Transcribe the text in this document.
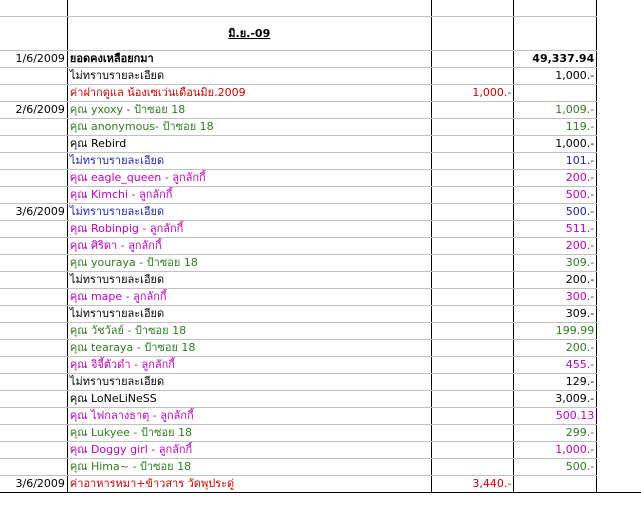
	มิ.ย.-09			
1/6/2009	ยอดคงเหลือยกมา		49,337.94	
	ไม่ทราบรายละเอียด		1,000.-	
	ค่าฝากดูแล น้องเซเว่นเดือนมิย.2009	1,000.-		
2/6/2009	คุณ yxoxy - ป้าซอย 18		1,009.-	
	คุณ anonymous- ป้าซอย 18		119.-	
	คุณ Rebird		1,000.-	
	ไม่ทราบรายละเอียด		101.-	
	คุณ eagle_queen - ลูกลักกี้		200.-	
	คุณ Kimchi - ลูกลักกี้		500.-	
3/6/2009	ไม่ทราบรายละเอียด		500.-	
	คุณ Robinpig - ลูกลักกี้		511.-	
	คุณ ศิริดา - ลูกลักกี้		200.-	
	คุณ youraya - ป้าซอย 18		309.-	
	ไม่ทราบรายละเอียด		200.-	
	คุณ mape - ลูกลักกี้		300.-	
	ไม่ทราบรายละเอียด		309.-	
	คุณ วัชวัลย์ - ป้าซอย 18		199.99	
	คุณ tearaya - ป้าซอย 18		200.-	
	คุณ จิจี้ตัวดำ - ลูกลักกี้		455.-	
	ไม่ทราบรายละเอียด		129.-	
	คุณ LoNeLiNeSS		3,009.-	
	คุณ ไฟกลางธาตุ - ลูกลักกี้		500.13	
	คุณ Lukyee - ป้าซอย 18		299.-	
	คุณ Doggy girl - ลูกลักกี้		1,000.-	
	คุณ Hima~ - ป้าซอย 18		500.-	
3/6/2009	ค่าอาหารหมา+ข้าวสาร วัดพุประดู่	3,440.-		
